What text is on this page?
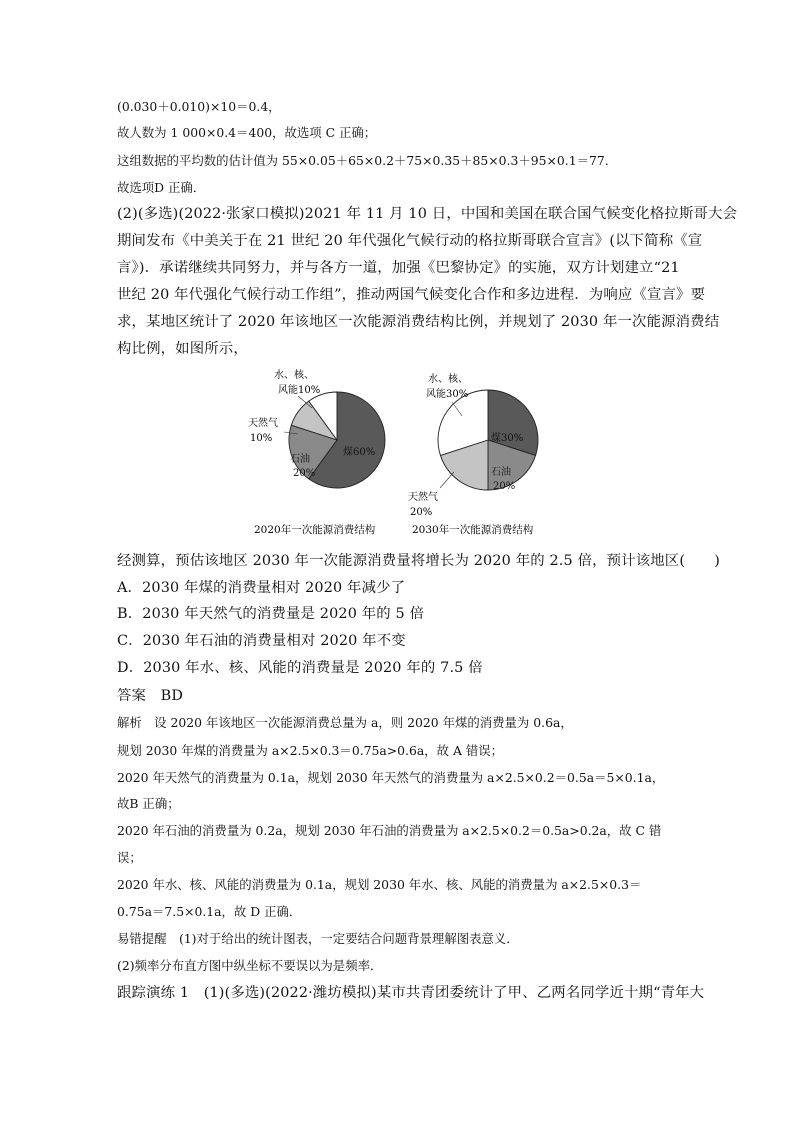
(0.030＋0.010)×10＝0.4，
故人数为 1 000×0.4＝400，故选项 C 正确；
这组数据的平均数的估计值为 55×0.05＋65×0.2＋75×0.35＋85×0.3＋95×0.1＝77.
故选项D 正确．
(2)(多选)(2022·张家口模拟)2021 年 11 月 10 日，中国和美国在联合国气候变化格拉斯哥大会
期间发布《中美关于在 21 世纪 20 年代强化气候行动的格拉斯哥联合宣言》(以下简称《宣
言》)．承诺继续共同努力，并与各方一道，加强《巴黎协定》的实施，双方计划建立“21
世纪 20 年代强化气候行动工作组”，推动两国气候变化合作和多边进程．为响应《宣言》要
求，某地区统计了 2020 年该地区一次能源消费结构比例，并规划了 2030 年一次能源消费结
构比例，如图所示，
水、核、
风能10%
天然气
10%
石油
20%
煤60%
水、核、
风能30%
天然气
20%
石油
20%
煤30%
2020年一次能源消费结构	2030年一次能源消费结构
经测算，预估该地区 2030 年一次能源消费量将增长为 2020 年的 2.5 倍，预计该地区(　　)
A．2030 年煤的消费量相对 2020 年减少了
B．2030 年天然气的消费量是 2020 年的 5 倍
C．2030 年石油的消费量相对 2020 年不变
D．2030 年水、核、风能的消费量是 2020 年的 7.5 倍
答案　BD
解析　设 2020 年该地区一次能源消费总量为 a，则 2020 年煤的消费量为 0.6a，
规划 2030 年煤的消费量为 a×2.5×0.3＝0.75a>0.6a，故 A 错误；
2020 年天然气的消费量为 0.1a，规划 2030 年天然气的消费量为 a×2.5×0.2＝0.5a＝5×0.1a，
故B 正确；
2020 年石油的消费量为 0.2a，规划 2030 年石油的消费量为 a×2.5×0.2＝0.5a>0.2a，故 C 错
误；
2020 年水、核、风能的消费量为 0.1a，规划 2030 年水、核、风能的消费量为 a×2.5×0.3＝
0.75a＝7.5×0.1a，故 D 正确．
易错提醒　(1)对于给出的统计图表，一定要结合问题背景理解图表意义．
(2)频率分布直方图中纵坐标不要误以为是频率．
跟踪演练 1　(1)(多选)(2022·潍坊模拟)某市共青团委统计了甲、乙两名同学近十期“青年大
